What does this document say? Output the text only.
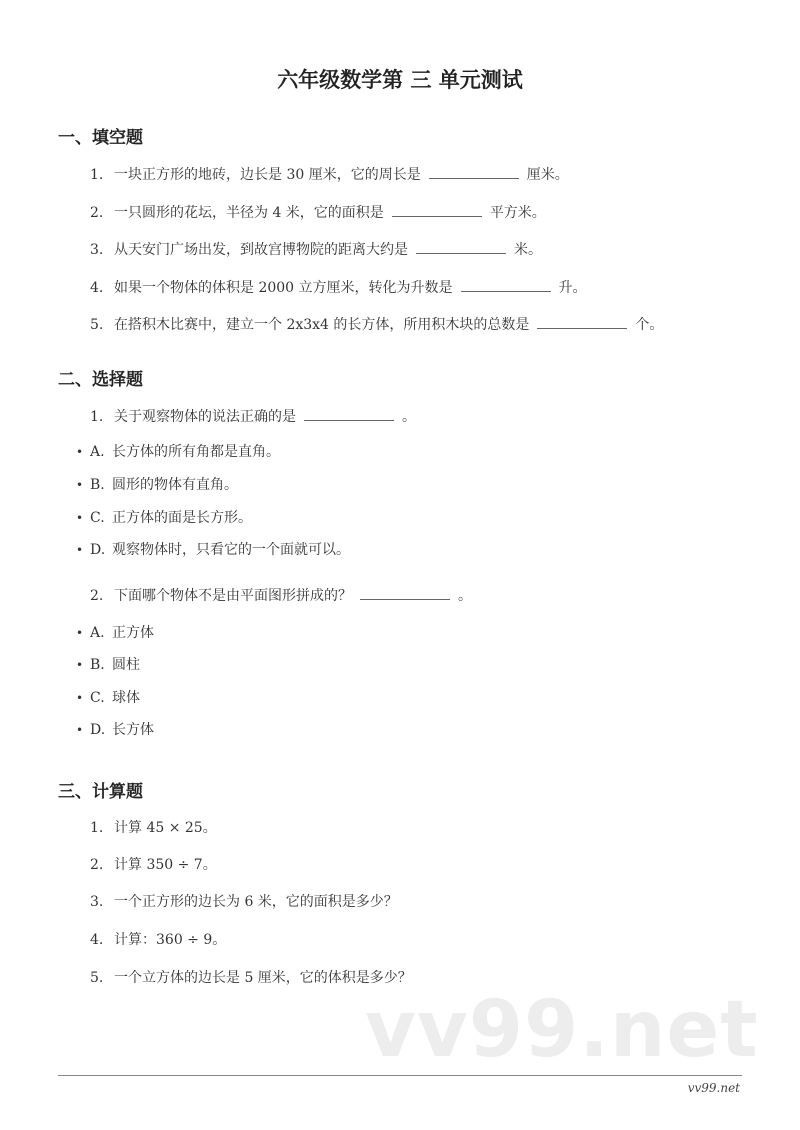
六年级数学第 三 单元测试
一、填空题
1. 一块正方形的地砖，边长是 30 厘米，它的周长是	厘米。
2. 一只圆形的花坛，半径为 4 米，它的面积是	平方米。
3. 从天安门广场出发，到故宫博物院的距离大约是	米。
4. 如果一个物体的体积是 2000 立方厘米，转化为升数是	升。
5. 在搭积木比赛中，建立一个 2x3x4 的长方体，所用积木块的总数是	个。
二、选择题
1. 关于观察物体的说法正确的是	。
• A. 长方体的所有角都是直角。
• B. 圆形的物体有直角。
• C. 正方体的面是长方形。
• D. 观察物体时，只看它的一个面就可以。
2. 下面哪个物体不是由平面图形拼成的？	。
• A. 正方体
• B. 圆柱
• C. 球体
• D. 长方体
三、计算题
1. 计算 45 × 25。
2. 计算 350 ÷ 7。
3. 一个正方形的边长为 6 米，它的面积是多少？
4. 计算：360 ÷ 9。
5. 一个立方体的边长是 5 厘米，它的体积是多少？
vv99.net
vv99.net
